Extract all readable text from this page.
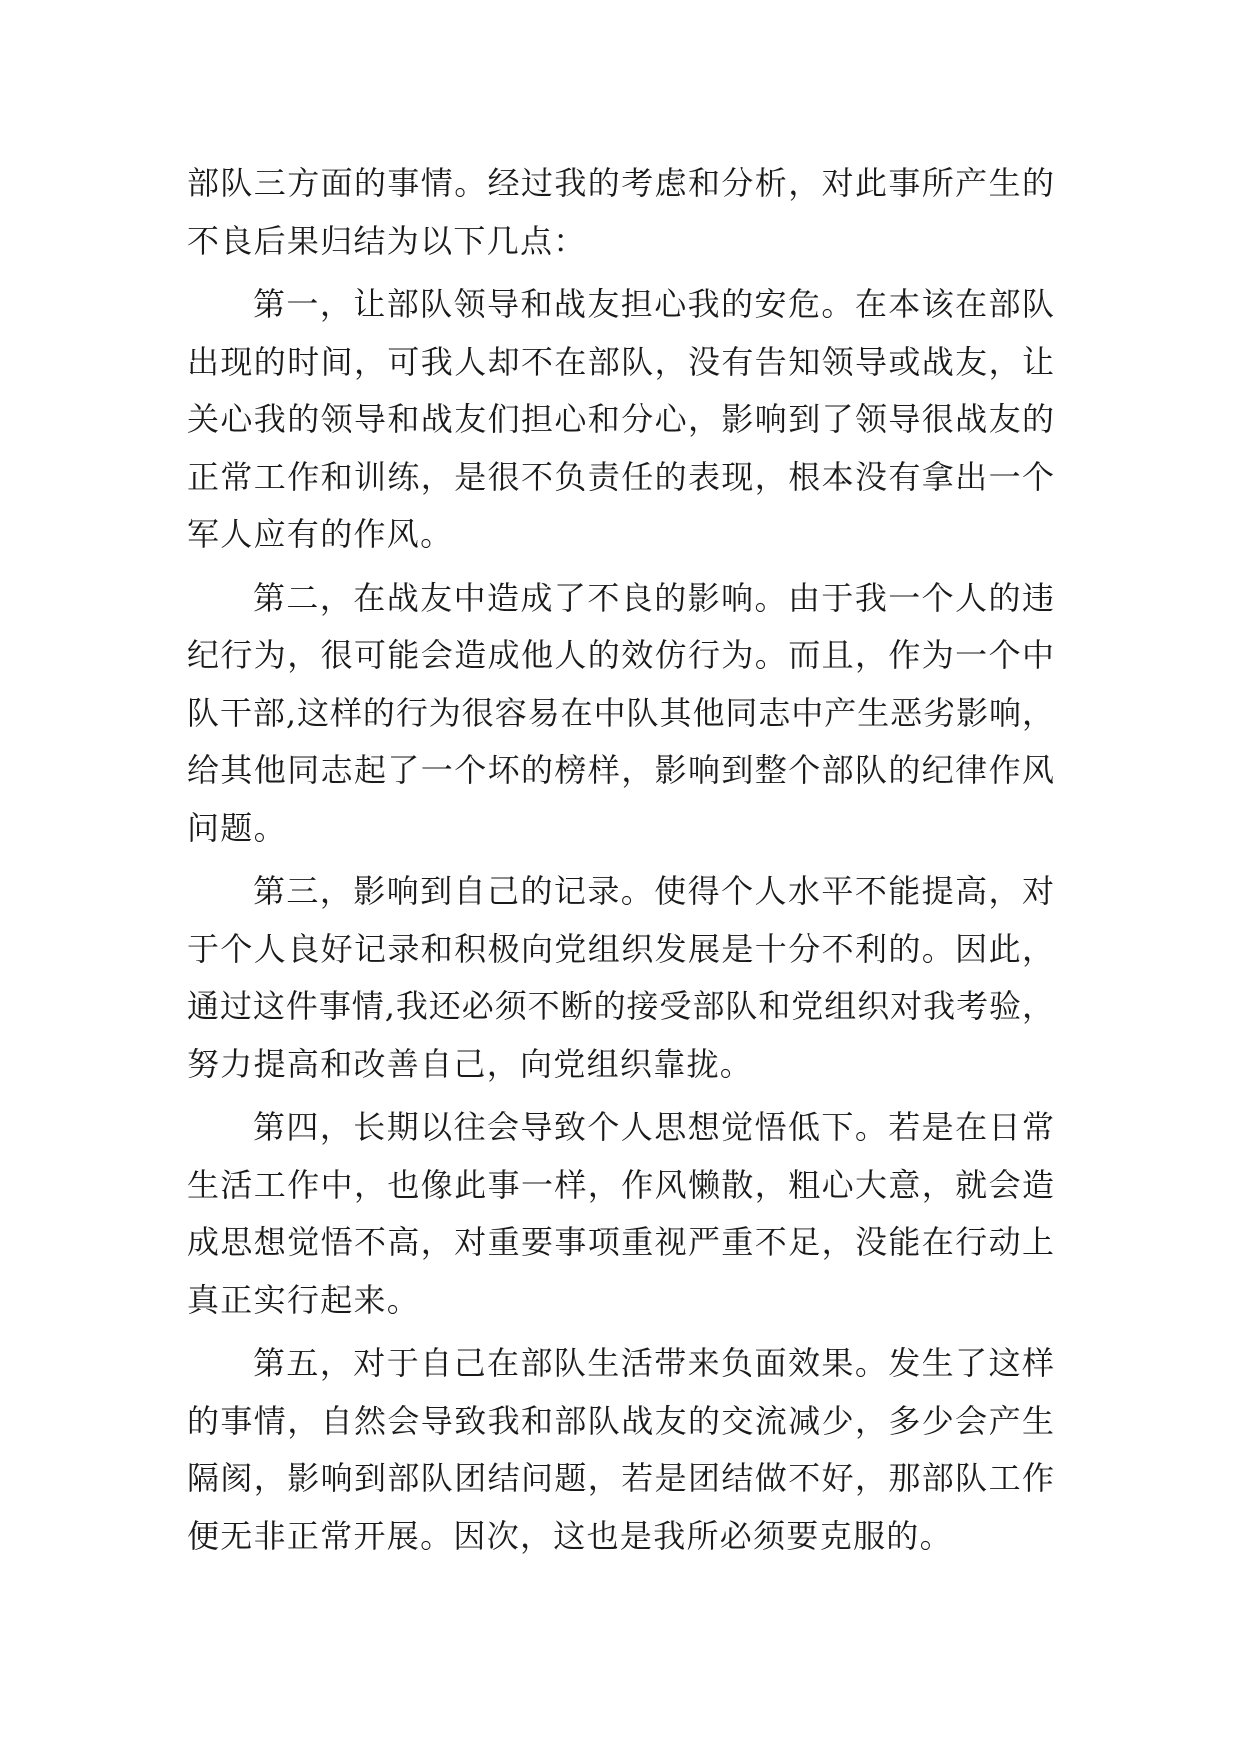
部队三方面的事情。经过我的考虑和分析，对此事所产生的
不良后果归结为以下几点：
第一，让部队领导和战友担心我的安危。在本该在部队
出现的时间，可我人却不在部队，没有告知领导或战友，让
关心我的领导和战友们担心和分心，影响到了领导很战友的
正常工作和训练，是很不负责任的表现，根本没有拿出一个
军人应有的作风。
第二，在战友中造成了不良的影响。由于我一个人的违
纪行为，很可能会造成他人的效仿行为。而且，作为一个中
队干部,这样的行为很容易在中队其他同志中产生恶劣影响，
给其他同志起了一个坏的榜样，影响到整个部队的纪律作风
问题。
第三，影响到自己的记录。使得个人水平不能提高，对
于个人良好记录和积极向党组织发展是十分不利的。因此，
通过这件事情,我还必须不断的接受部队和党组织对我考验，
努力提高和改善自己，向党组织靠拢。
第四，长期以往会导致个人思想觉悟低下。若是在日常
生活工作中，也像此事一样，作风懒散，粗心大意，就会造
成思想觉悟不高，对重要事项重视严重不足，没能在行动上
真正实行起来。
第五，对于自己在部队生活带来负面效果。发生了这样
的事情，自然会导致我和部队战友的交流减少，多少会产生
隔阂，影响到部队团结问题，若是团结做不好，那部队工作
便无非正常开展。因次，这也是我所必须要克服的。
